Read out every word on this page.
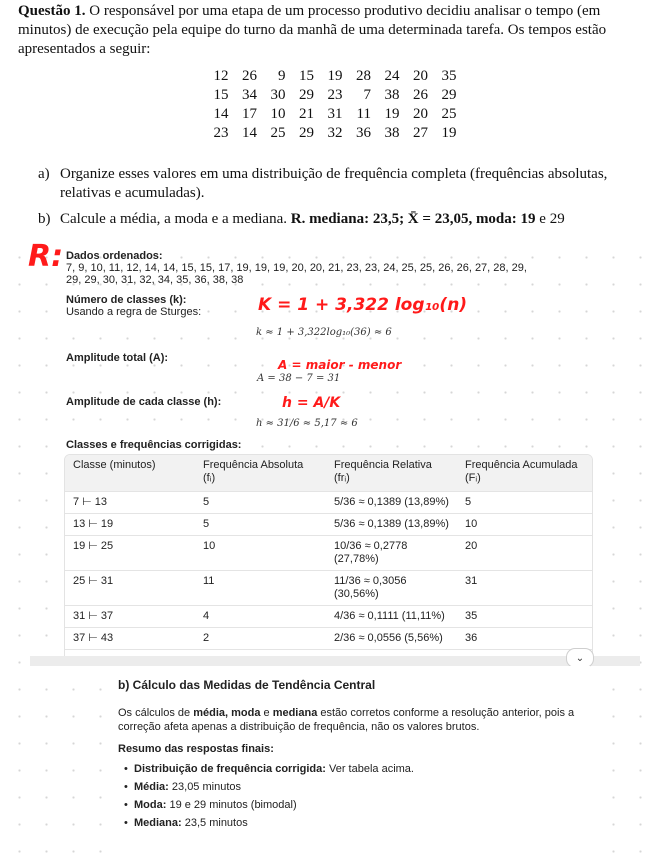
Questão 1. O responsável por uma etapa de um processo produtivo decidiu analisar o tempo (em minutos) de execução pela equipe do turno da manhã de uma determinada tarefa. Os tempos estão apresentados a seguir:
12 26	9 15 19 28 24 20 35
15 34 30 29 23	7 38 26 29
14 17 10 21 31 11 19 20 25
23 14 25 29 32 36 38 27 19
a) Organize esses valores em uma distribuição de frequência completa (frequências absolutas, relativas e acumuladas).
b) Calcule a média, a moda e a mediana. R. mediana: 23,5; X̄ = 23,05, moda: 19 e 29
R: Dados ordenados:
7, 9, 10, 11, 12, 14, 14, 15, 15, 17, 19, 19, 19, 20, 20, 21, 23, 23, 24, 25, 25, 26, 26, 27, 28, 29,
29, 29, 30, 31, 32, 34, 35, 36, 38, 38
Número de classes (k):
Usando a regra de Sturges:	K = 1 + 3,322 log₁₀(n)
k ≈ 1 + 3,322log₁₀(36) ≈ 6
Amplitude total (A):	A = maior - menor
A = 38 − 7 = 31
Amplitude de cada classe (h):	h = A/K
h ≈ 31/6 ≈ 5,17 ≈ 6
Classes e frequências corrigidas:
Classe (minutos)	Frequência Absoluta (fᵢ)	Frequência Relativa (frᵢ)	Frequência Acumulada (Fᵢ)
7 ⊢ 13	5	5/36 ≈ 0,1389 (13,89%)	5
13 ⊢ 19	5	5/36 ≈ 0,1389 (13,89%)	10
19 ⊢ 25	10	10/36 ≈ 0,2778 (27,78%)	20
25 ⊢ 31	11	11/36 ≈ 0,3056 (30,56%)	31
31 ⊢ 37	4	4/36 ≈ 0,1111 (11,11%)	35
37 ⊢ 43	2	2/36 ≈ 0,0556 (5,56%)	36
⌄
b) Cálculo das Medidas de Tendência Central
Os cálculos de média, moda e mediana estão corretos conforme a resolução anterior, pois a correção afeta apenas a distribuição de frequência, não os valores brutos.
Resumo das respostas finais:
• Distribuição de frequência corrigida: Ver tabela acima.
• Média: 23,05 minutos
• Moda: 19 e 29 minutos (bimodal)
• Mediana: 23,5 minutos
